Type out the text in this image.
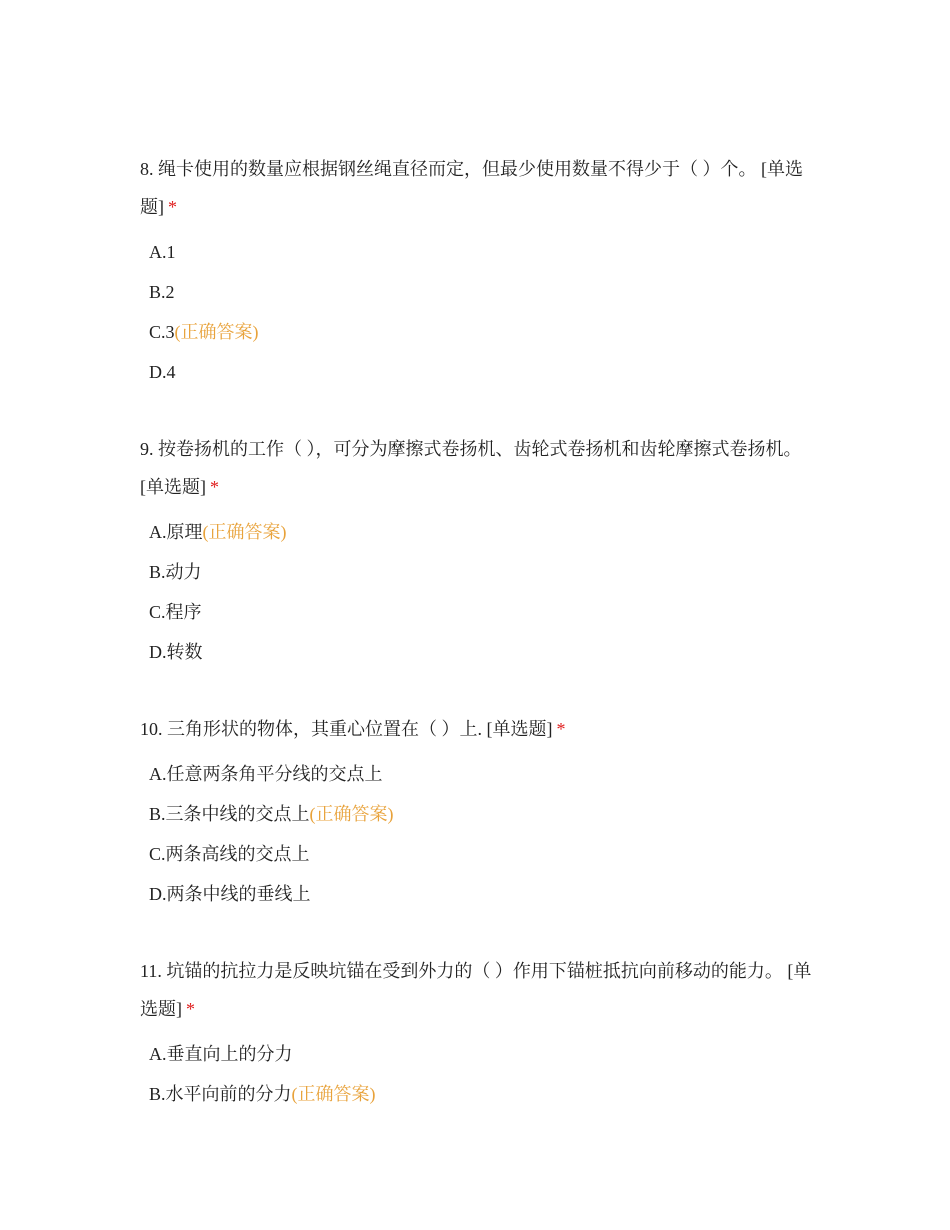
8. 绳卡使用的数量应根据钢丝绳直径而定，但最少使用数量不得少于（ ）个。 [单选题] *

A.1
B.2
C.3(正确答案)
D.4

9. 按卷扬机的工作（ ），可分为摩擦式卷扬机、齿轮式卷扬机和齿轮摩擦式卷扬机。 [单选题] *

A.原理(正确答案)
B.动力
C.程序
D.转数

10. 三角形状的物体，其重心位置在（ ）上. [单选题] *

A.任意两条角平分线的交点上
B.三条中线的交点上(正确答案)
C.两条高线的交点上
D.两条中线的垂线上

11. 坑锚的抗拉力是反映坑锚在受到外力的（ ）作用下锚桩抵抗向前移动的能力。 [单选题] *

A.垂直向上的分力
B.水平向前的分力(正确答案)
